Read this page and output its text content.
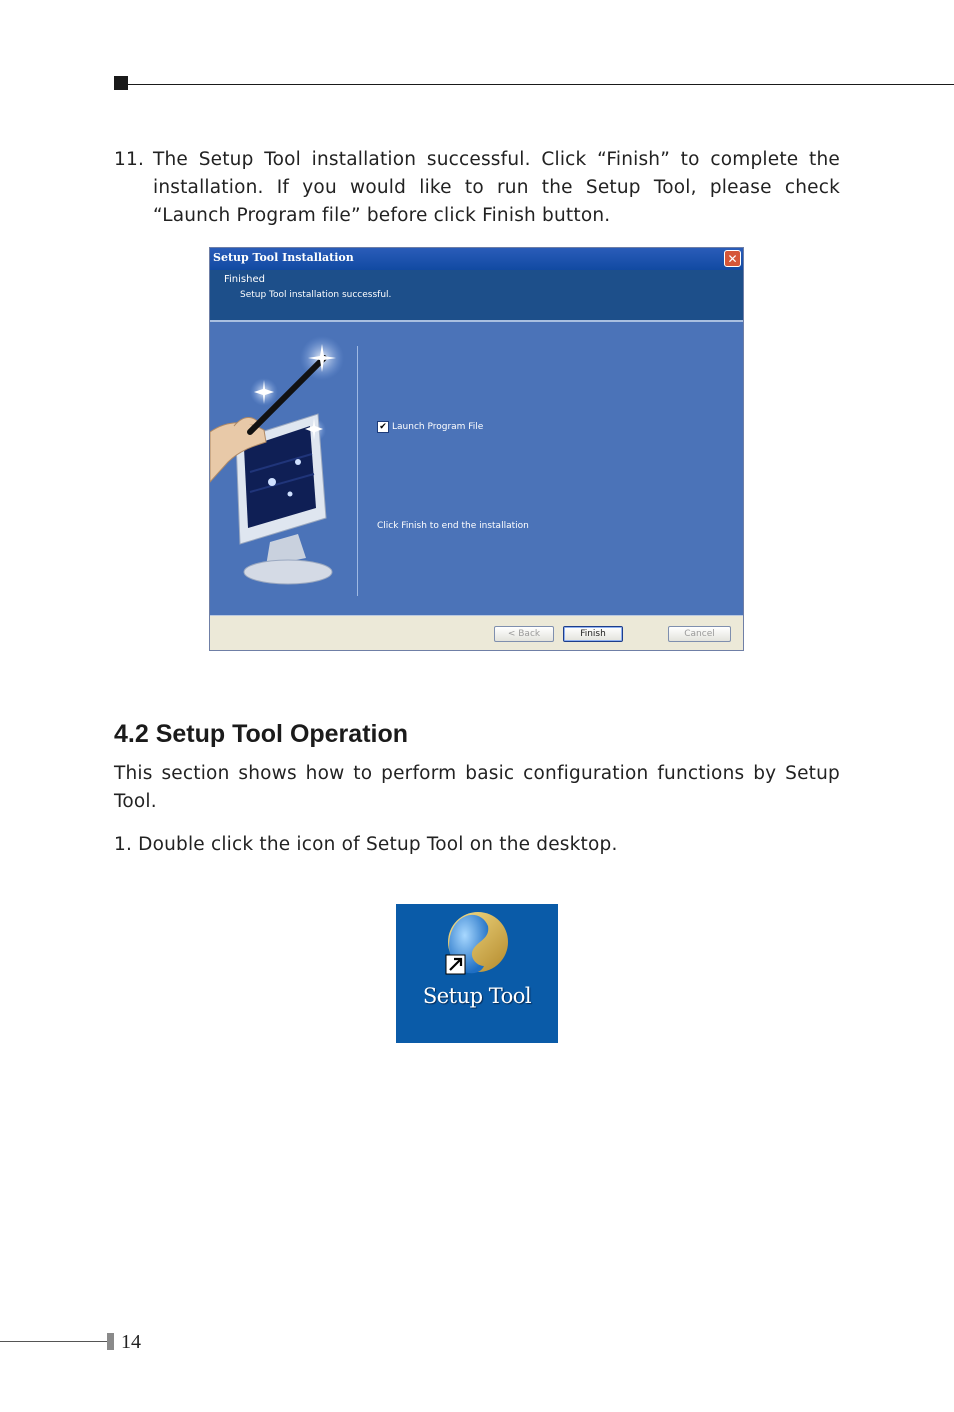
11. The Setup Tool installation successful. Click “Finish” to complete the installation. If you would like to run the Setup Tool, please check “Launch Program file” before click Finish button.
Setup Tool Installation	✕
Finished
Setup Tool installation successful.
✔ Launch Program File
Click Finish to end the installation
< Back	Finish	Cancel
4.2 Setup Tool Operation
This section shows how to perform basic configuration functions by Setup Tool.
1. Double click the icon of Setup Tool on the desktop.
Setup Tool
14
